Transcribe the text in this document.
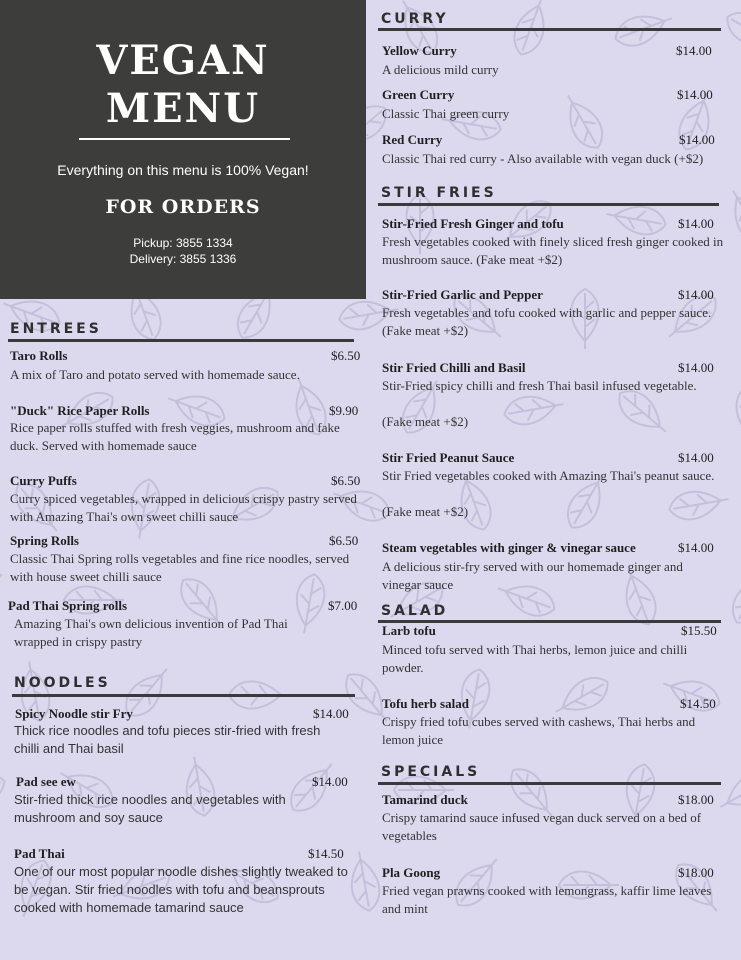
VEGAN
MENU
Everything on this menu is 100% Vegan!
FOR ORDERS
Pickup: 3855 1334
Delivery: 3855 1336
ENTREES
Taro Rolls	$6.50
A mix of Taro and potato served with homemade sauce.
"Duck" Rice Paper Rolls	$9.90
Rice paper rolls stuffed with fresh veggies, mushroom and fake duck. Served with homemade sauce
Curry Puffs	$6.50
Curry spiced vegetables, wrapped in delicious crispy pastry served with Amazing Thai's own sweet chilli sauce
Spring Rolls	$6.50
Classic Thai Spring rolls vegetables and fine rice noodles, served with house sweet chilli sauce
Pad Thai Spring rolls	$7.00
Amazing Thai's own delicious invention of Pad Thai wrapped in crispy pastry
NOODLES
Spicy Noodle stir Fry	$14.00
Thick rice noodles and tofu pieces stir-fried with fresh chilli and Thai basil
Pad see ew	$14.00
Stir-fried thick rice noodles and vegetables with mushroom and soy sauce
Pad Thai	$14.50
One of our most popular noodle dishes slightly tweaked to be vegan. Stir fried noodles with tofu and beansprouts cooked with homemade tamarind sauce
CURRY
Yellow Curry	$14.00
A delicious mild curry
Green Curry	$14.00
Classic Thai green curry
Red Curry	$14.00
Classic Thai red curry - Also available with vegan duck (+$2)
STIR FRIES
Stir-Fried Fresh Ginger and tofu	$14.00
Fresh vegetables cooked with finely sliced fresh ginger cooked in mushroom sauce. (Fake meat +$2)
Stir-Fried Garlic and Pepper	$14.00
Fresh vegetables and tofu cooked with garlic and pepper sauce. (Fake meat +$2)
Stir Fried Chilli and Basil	$14.00
Stir-Fried spicy chilli and fresh Thai basil infused vegetable.
(Fake meat +$2)
Stir Fried Peanut Sauce	$14.00
Stir Fried vegetables cooked with Amazing Thai's peanut sauce.
(Fake meat +$2)
Steam vegetables with ginger & vinegar sauce	$14.00
A delicious stir-fry served with our homemade ginger and vinegar sauce
SALAD
Larb tofu	$15.50
Minced tofu served with Thai herbs, lemon juice and chilli powder.
Tofu herb salad	$14.50
Crispy fried tofu cubes served with cashews, Thai herbs and lemon juice
SPECIALS
Tamarind duck	$18.00
Crispy tamarind sauce infused vegan duck served on a bed of vegetables
Pla Goong	$18.00
Fried vegan prawns cooked with lemongrass, kaffir lime leaves and mint
